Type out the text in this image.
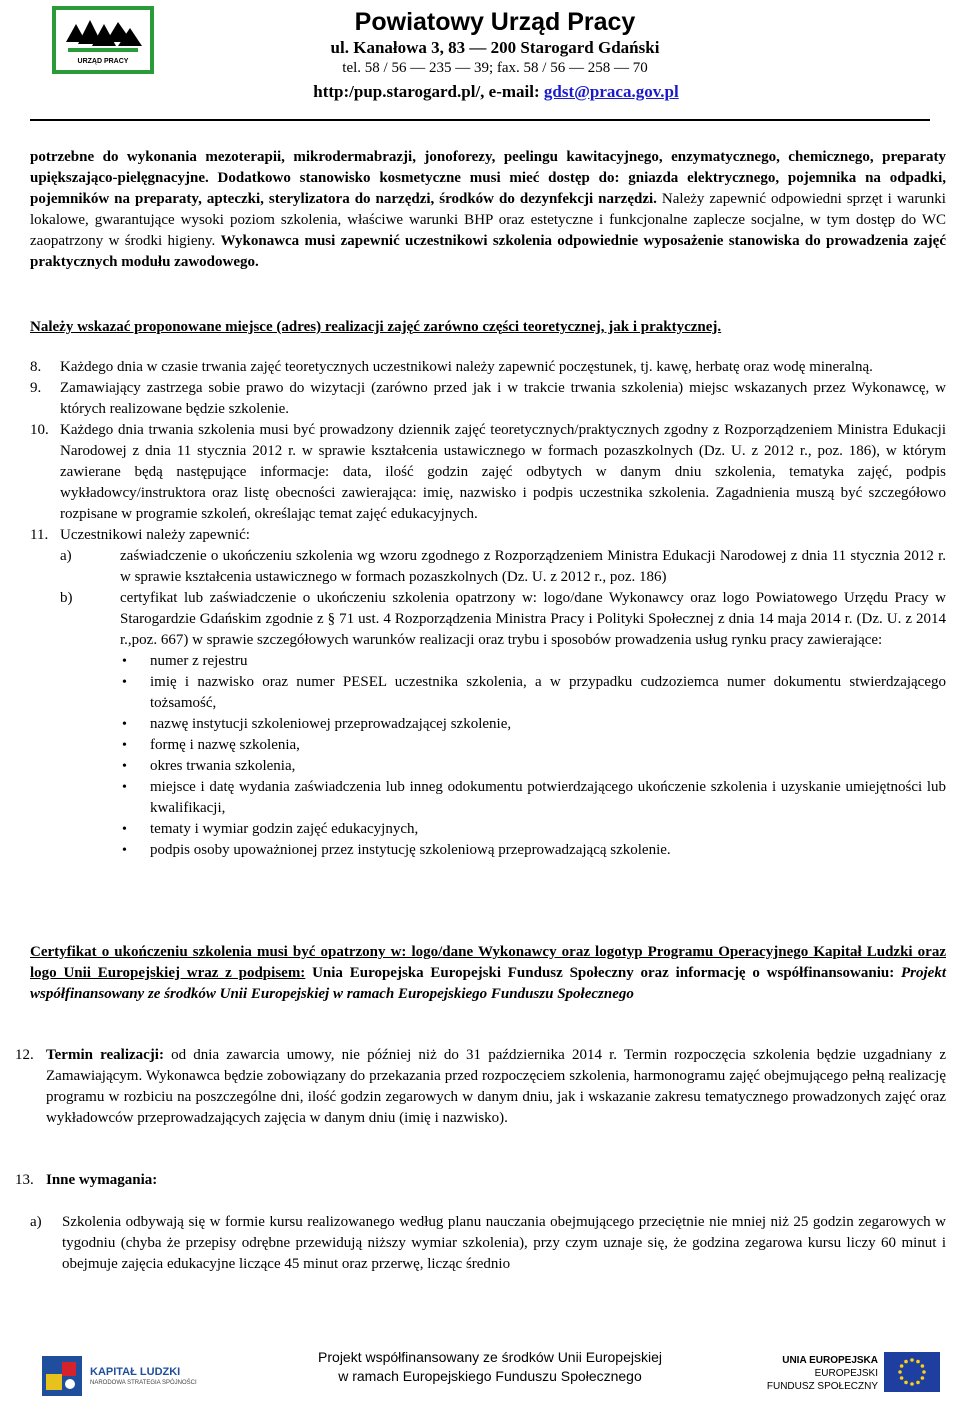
URZĄD PRACY
Powiatowy Urząd Pracy
ul. Kanałowa 3, 83 — 200 Starogard Gdański
tel. 58 / 56 — 235 — 39; fax. 58 / 56 — 258 — 70
http:/pup.starogard.pl/, e-mail: gdst@praca.gov.pl
potrzebne do wykonania mezoterapii, mikrodermabrazji, jonoforezy, peelingu kawitacyjnego, enzymatycznego, chemicznego, preparaty upiększająco-pielęgnacyjne. Dodatkowo stanowisko kosmetyczne musi mieć dostęp do: gniazda elektrycznego, pojemnika na odpadki, pojemników na preparaty, apteczki, sterylizatora do narzędzi, środków do dezynfekcji narzędzi. Należy zapewnić odpowiedni sprzęt i warunki lokalowe, gwarantujące wysoki poziom szkolenia, właściwe warunki BHP oraz estetyczne i funkcjonalne zaplecze socjalne, w tym dostęp do WC zaopatrzony w środki higieny. Wykonawca musi zapewnić uczestnikowi szkolenia odpowiednie wyposażenie stanowiska do prowadzenia zajęć praktycznych modułu zawodowego.
Należy wskazać proponowane miejsce (adres) realizacji zajęć zarówno części teoretycznej, jak i praktycznej.
8.	Każdego dnia w czasie trwania zajęć teoretycznych uczestnikowi należy zapewnić poczęstunek, tj. kawę, herbatę oraz wodę mineralną.
9.	Zamawiający zastrzega sobie prawo do wizytacji (zarówno przed jak i w trakcie trwania szkolenia) miejsc wskazanych przez Wykonawcę, w których realizowane będzie szkolenie.
10. Każdego dnia trwania szkolenia musi być prowadzony dziennik zajęć teoretycznych/praktycznych zgodny z Rozporządzeniem Ministra Edukacji Narodowej z dnia 11 stycznia 2012 r. w sprawie kształcenia ustawicznego w formach pozaszkolnych (Dz. U. z 2012 r., poz. 186), w którym zawierane będą następujące informacje: data, ilość godzin zajęć odbytych w danym dniu szkolenia, tematyka zajęć, podpis wykładowcy/instruktora oraz listę obecności zawierająca: imię, nazwisko i podpis uczestnika szkolenia. Zagadnienia muszą być szczegółowo rozpisane w programie szkoleń, określając temat zajęć edukacyjnych.
11. Uczestnikowi należy zapewnić:
a)	zaświadczenie o ukończeniu szkolenia wg wzoru zgodnego z Rozporządzeniem Ministra Edukacji Narodowej z dnia 11 stycznia 2012 r. w sprawie kształcenia ustawicznego w formach pozaszkolnych (Dz. U. z 2012 r., poz. 186)
b)	certyfikat lub zaświadczenie o ukończeniu szkolenia opatrzony w: logo/dane Wykonawcy oraz logo Powiatowego Urzędu Pracy w Starogardzie Gdańskim zgodnie z § 71 ust. 4 Rozporządzenia Ministra Pracy i Polityki Społecznej z dnia 14 maja 2014 r. (Dz. U. z 2014 r.,poz. 667) w sprawie szczegółowych warunków realizacji oraz trybu i sposobów prowadzenia usług rynku pracy zawierające:
• numer z rejestru
• imię i nazwisko oraz numer PESEL uczestnika szkolenia, a w przypadku cudzoziemca numer dokumentu stwierdzającego tożsamość,
• nazwę instytucji szkoleniowej przeprowadzającej szkolenie,
• formę i nazwę szkolenia,
• okres trwania szkolenia,
• miejsce i datę wydania zaświadczenia lub inneg odokumentu potwierdzającego ukończenie szkolenia i uzyskanie umiejętności lub kwalifikacji,
• tematy i wymiar godzin zajęć edukacyjnych,
• podpis osoby upoważnionej przez instytucję szkoleniową przeprowadzającą szkolenie.
Certyfikat o ukończeniu szkolenia musi być opatrzony w: logo/dane Wykonawcy oraz logotyp Programu Operacyjnego Kapitał Ludzki oraz logo Unii Europejskiej wraz z podpisem: Unia Europejska Europejski Fundusz Społeczny oraz informację o współfinansowaniu: Projekt współfinansowany ze środków Unii Europejskiej w ramach Europejskiego Funduszu Społecznego
12. Termin realizacji: od dnia zawarcia umowy, nie później niż do 31 października 2014 r. Termin rozpoczęcia szkolenia będzie uzgadniany z Zamawiającym. Wykonawca będzie zobowiązany do przekazania przed rozpoczęciem szkolenia, harmonogramu zajęć obejmującego pełną realizację programu w rozbiciu na poszczególne dni, ilość godzin zegarowych w danym dniu, jak i wskazanie zakresu tematycznego prowadzonych zajęć oraz wykładowców przeprowadzających zajęcia w danym dniu (imię i nazwisko).
13. Inne wymagania:
a)	Szkolenia odbywają się w formie kursu realizowanego według planu nauczania obejmującego przeciętnie nie mniej niż 25 godzin zegarowych w tygodniu (chyba że przepisy odrębne przewidują niższy wymiar szkolenia), przy czym uznaje się, że godzina zegarowa kursu liczy 60 minut i obejmuje zajęcia edukacyjne liczące 45 minut oraz przerwę, licząc średnio
KAPITAŁ LUDZKI
NARODOWA STRATEGIA SPÓJNOŚCI
Projekt współfinansowany ze środków Unii Europejskiej
w ramach Europejskiego Funduszu Społecznego
UNIA EUROPEJSKA
EUROPEJSKI
FUNDUSZ SPOŁECZNY
